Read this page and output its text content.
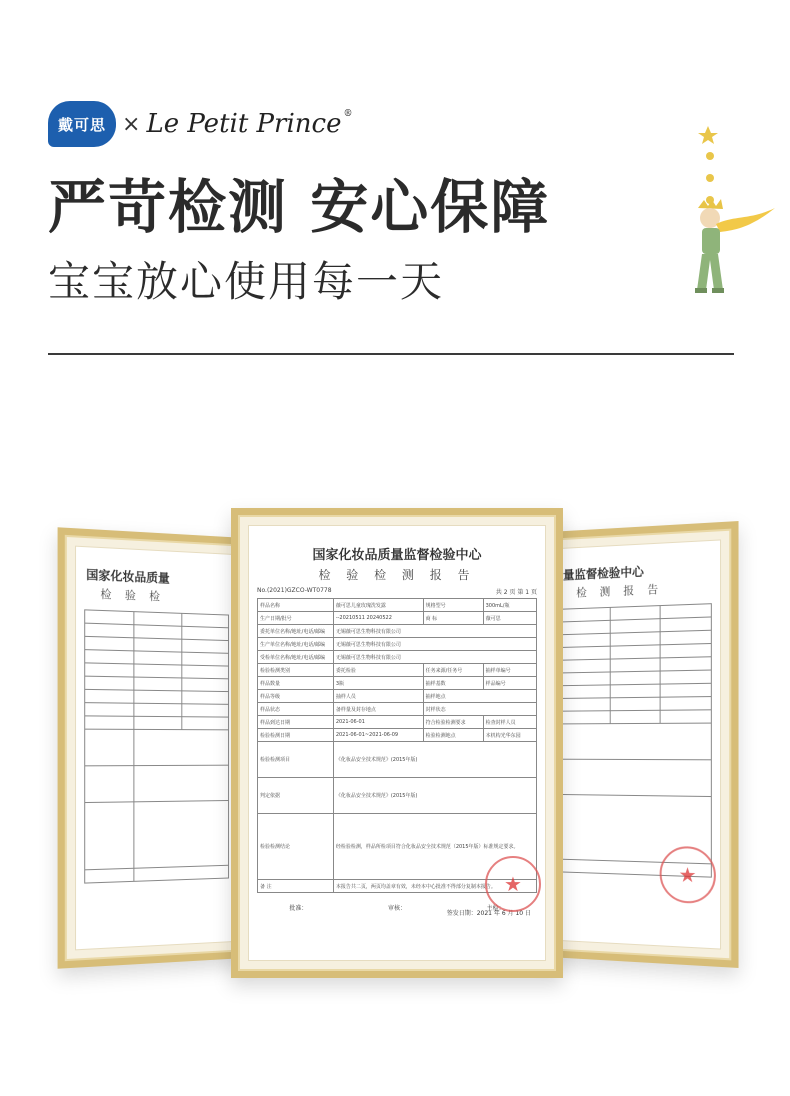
戴可思 × Le Petit Prince ®
严苛检测 安心保障
宝宝放心使用每一天
国家化妆品质量
检 验 检

量监督检验中心
检 测 报 告

★
国家化妆品质量监督检验中心
检 验 检 测 报 告
No.(2021)GZCO-WT0778	共 2 页 第 1 页
样品名称	薇可思儿童玫瑰洗发露	规格型号	300mL/瓶
生产日期/批号	--20210511 20240522	商 标	薇可思
委托单位名称/地址/电话/邮编	无锡薇可思生物科技有限公司		
生产单位名称/地址/电话/邮编	无锡薇可思生物科技有限公司		
受检单位名称/地址/电话/邮编	无锡薇可思生物科技有限公司		
检验检测类别	委托检验	任务来源/任务号	抽样单编号
样品数量	3瓶	抽样基数	样品编号
样品等级	抽样人员	抽样地点	
样品状态	备样量及封存地点	封样状态	
样品到达日期	2021-06-01	符合检验检测要求	检查封样人员
检验检测日期	2021-06-01~2021-06-09	检验检测地点	本机构光华东园
检验检测项目	《化妆品安全技术规范》(2015年版)		
判定依据	《化妆品安全技术规范》(2015年版)		
检验检测结论	经检验检测，样品所检项目符合化妆品安全技术规范（2015年版）标准规定要求。		
备 注	本报告共二页，两页均盖章有效，未经本中心批准不得部分复制本报告。		
批准：	审核：	主检：
签发日期：2021 年 6 月 10 日
★
